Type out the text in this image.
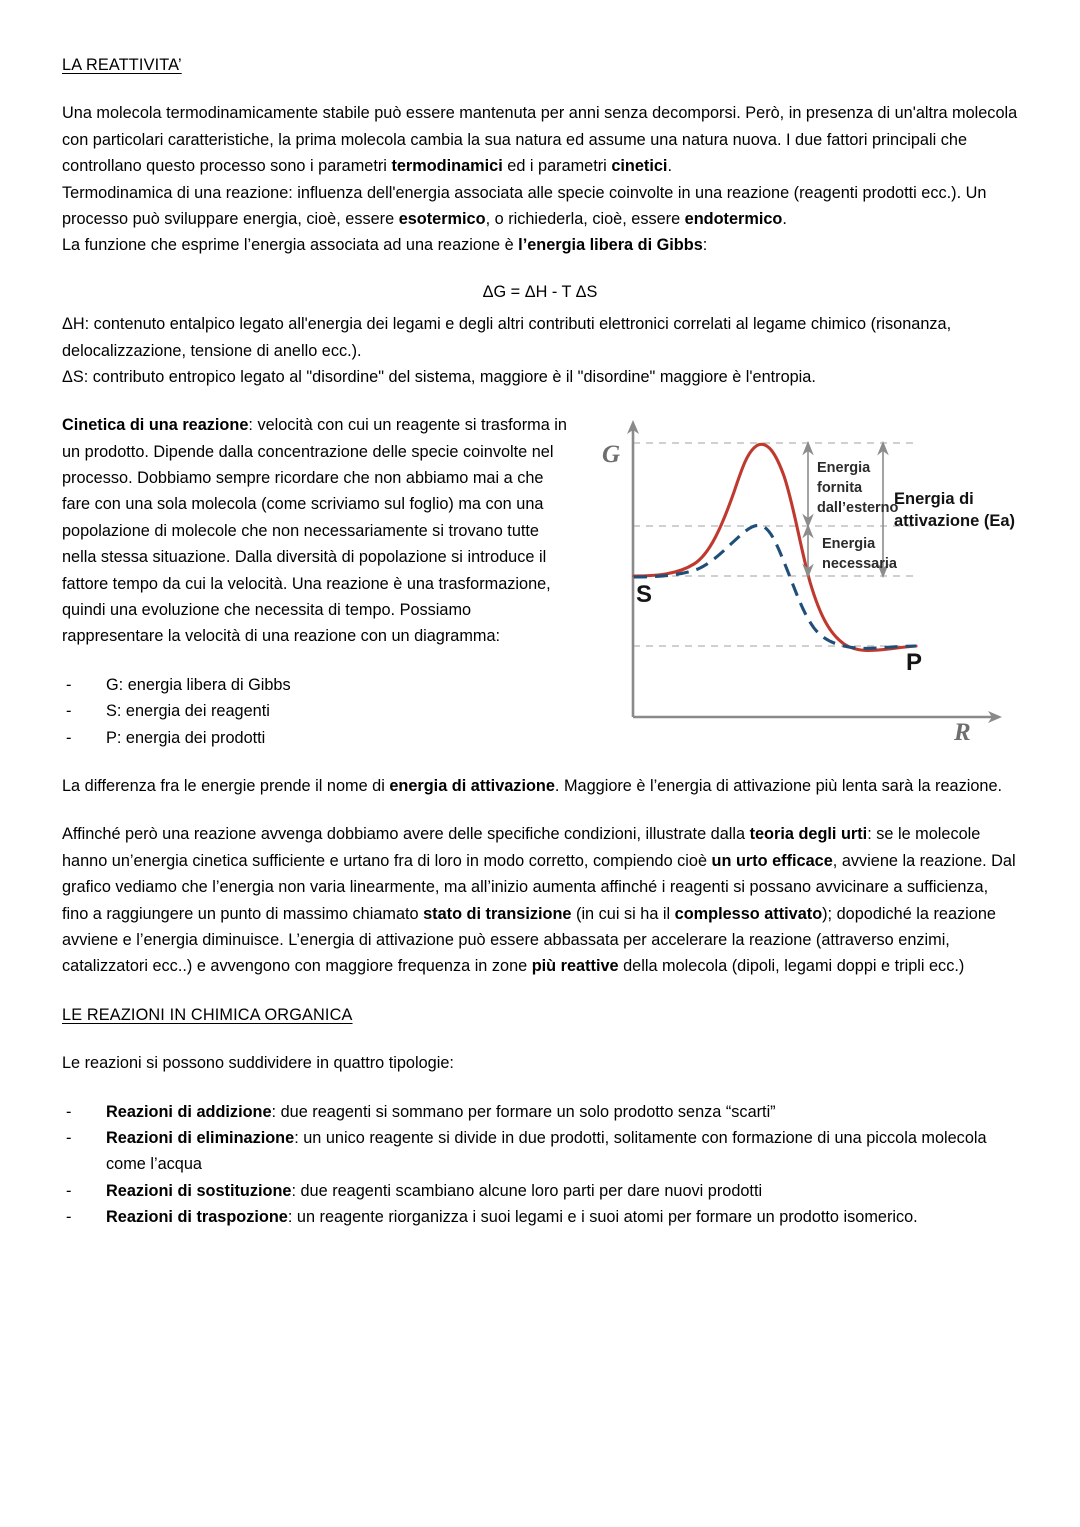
LA REATTIVITA’

Una molecola termodinamicamente stabile può essere mantenuta per anni senza decomporsi. Però, in presenza di un'altra molecola con particolari caratteristiche, la prima molecola cambia la sua natura ed assume una natura nuova. I due fattori principali che controllano questo processo sono i parametri termodinamici ed i parametri cinetici.

Termodinamica di una reazione: influenza dell'energia associata alle specie coinvolte in una reazione (reagenti prodotti ecc.). Un processo può sviluppare energia, cioè, essere esotermico, o richiederla, cioè, essere endotermico.

La funzione che esprime l’energia associata ad una reazione è l’energia libera di Gibbs:

ΔG = ΔH - T ΔS

ΔH: contenuto entalpico legato all'energia dei legami e degli altri contributi elettronici correlati al legame chimico (risonanza, delocalizzazione, tensione di anello ecc.).

ΔS: contributo entropico legato al "disordine" del sistema, maggiore è il "disordine" maggiore è l'entropia.

G
R
S
P
Energia
fornita
dall’esterno
Energia
necessaria
Energia di
attivazione (Ea)

Cinetica di una reazione: velocità con cui un reagente si trasforma in un prodotto. Dipende dalla concentrazione delle specie coinvolte nel processo. Dobbiamo sempre ricordare che non abbiamo mai a che fare con una sola molecola (come scriviamo sul foglio) ma con una popolazione di molecole che non necessariamente si trovano tutte nella stessa situazione. Dalla diversità di popolazione si introduce il fattore tempo da cui la velocità. Una reazione è una trasformazione, quindi una evoluzione che necessita di tempo. Possiamo rappresentare la velocità di una reazione con un diagramma:

- G: energia libera di Gibbs
- S: energia dei reagenti
- P: energia dei prodotti

La differenza fra le energie prende il nome di energia di attivazione. Maggiore è l’energia di attivazione più lenta sarà la reazione.

Affinché però una reazione avvenga dobbiamo avere delle specifiche condizioni, illustrate dalla teoria degli urti: se le molecole hanno un’energia cinetica sufficiente e urtano fra di loro in modo corretto, compiendo cioè un urto efficace, avviene la reazione. Dal grafico vediamo che l’energia non varia linearmente, ma all’inizio aumenta affinché i reagenti si possano avvicinare a sufficienza, fino a raggiungere un punto di massimo chiamato stato di transizione (in cui si ha il complesso attivato); dopodiché la reazione avviene e l’energia diminuisce. L’energia di attivazione può essere abbassata per accelerare la reazione (attraverso enzimi, catalizzatori ecc..) e avvengono con maggiore frequenza in zone più reattive della molecola (dipoli, legami doppi e tripli ecc.)

LE REAZIONI IN CHIMICA ORGANICA

Le reazioni si possono suddividere in quattro tipologie:

- Reazioni di addizione: due reagenti si sommano per formare un solo prodotto senza “scarti”
- Reazioni di eliminazione: un unico reagente si divide in due prodotti, solitamente con formazione di una piccola molecola come l’acqua
- Reazioni di sostituzione: due reagenti scambiano alcune loro parti per dare nuovi prodotti
- Reazioni di traspozione: un reagente riorganizza i suoi legami e i suoi atomi per formare un prodotto isomerico.
